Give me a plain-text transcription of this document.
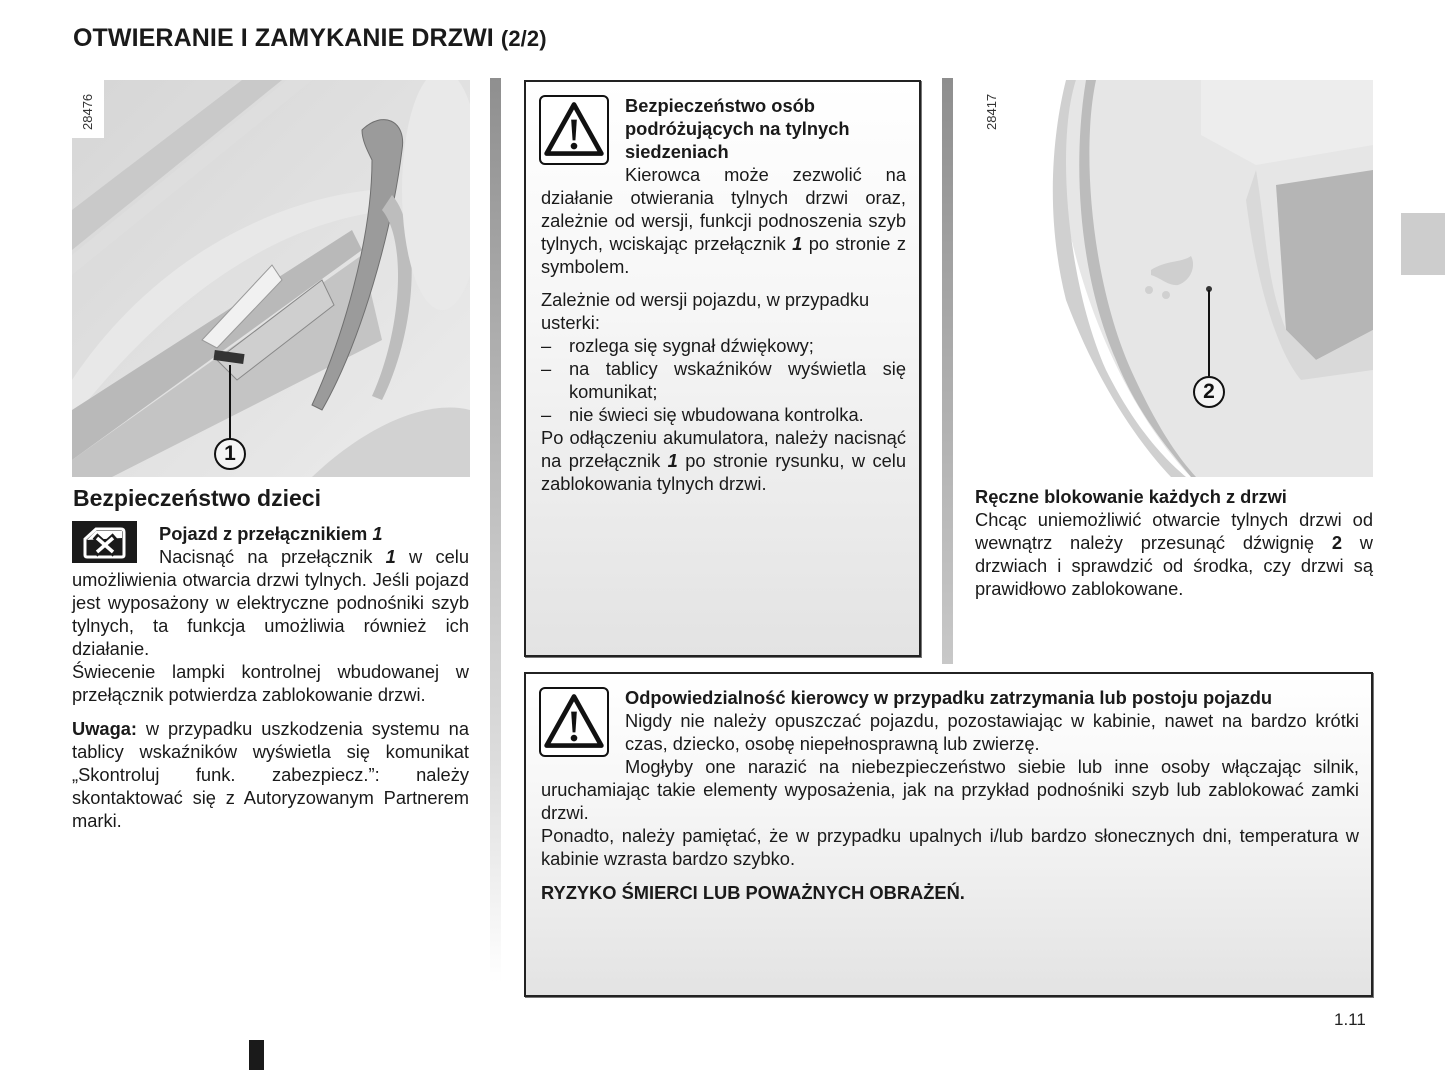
OTWIERANIE I ZAMYKANIE DRZWI (2/2)
28476
1
Bezpieczeństwo dzieci

Pojazd z przełącznikiem 1

Nacisnąć na przełącznik 1 w celu umożliwienia otwarcia drzwi tylnych. Jeśli pojazd jest wyposażony w elektryczne podnośniki szyb tylnych, ta funkcja umożliwia również ich działanie.

Świecenie lampki kontrolnej wbudowanej w przełącznik potwierdza zablokowanie drzwi.

Uwaga: w przypadku uszkodzenia systemu na tablicy wskaźników wyświetla się komunikat „Skontroluj funk. zabezpiecz.”: należy skontaktować się z Autoryzowanym Partnerem marki.

Bezpieczeństwo osób podróżujących na tylnych siedzeniach

Kierowca może zezwolić na działanie otwierania tylnych drzwi oraz, zależnie od wersji, funkcji podnoszenia szyb tylnych, wciskając przełącznik 1 po stronie z symbolem.

Zależnie od wersji pojazdu, w przypadku usterki:

– rozlega się sygnał dźwiękowy;
– na tablicy wskaźników wyświetla się komunikat;
– nie świeci się wbudowana kontrolka.

Po odłączeniu akumulatora, należy nacisnąć na przełącznik 1 po stronie rysunku, w celu zablokowania tylnych drzwi.

28417
2

Ręczne blokowanie każdych z drzwi

Chcąc uniemożliwić otwarcie tylnych drzwi od wewnątrz należy przesunąć dźwignię 2 w drzwiach i sprawdzić od środka, czy drzwi są prawidłowo zablokowane.

Odpowiedzialność kierowcy w przypadku zatrzymania lub postoju pojazdu

Nigdy nie należy opuszczać pojazdu, pozostawiając w kabinie, nawet na bardzo krótki czas, dziecko, osobę niepełnosprawną lub zwierzę.

Mogłyby one narazić na niebezpieczeństwo siebie lub inne osoby włączając silnik, uruchamiając takie elementy wyposażenia, jak na przykład podnośniki szyb lub zablokować zamki drzwi.

Ponadto, należy pamiętać, że w przypadku upalnych i/lub bardzo słonecznych dni, temperatura w kabinie wzrasta bardzo szybko.

RYZYKO ŚMIERCI LUB POWAŻNYCH OBRAŻEŃ.

1.11
